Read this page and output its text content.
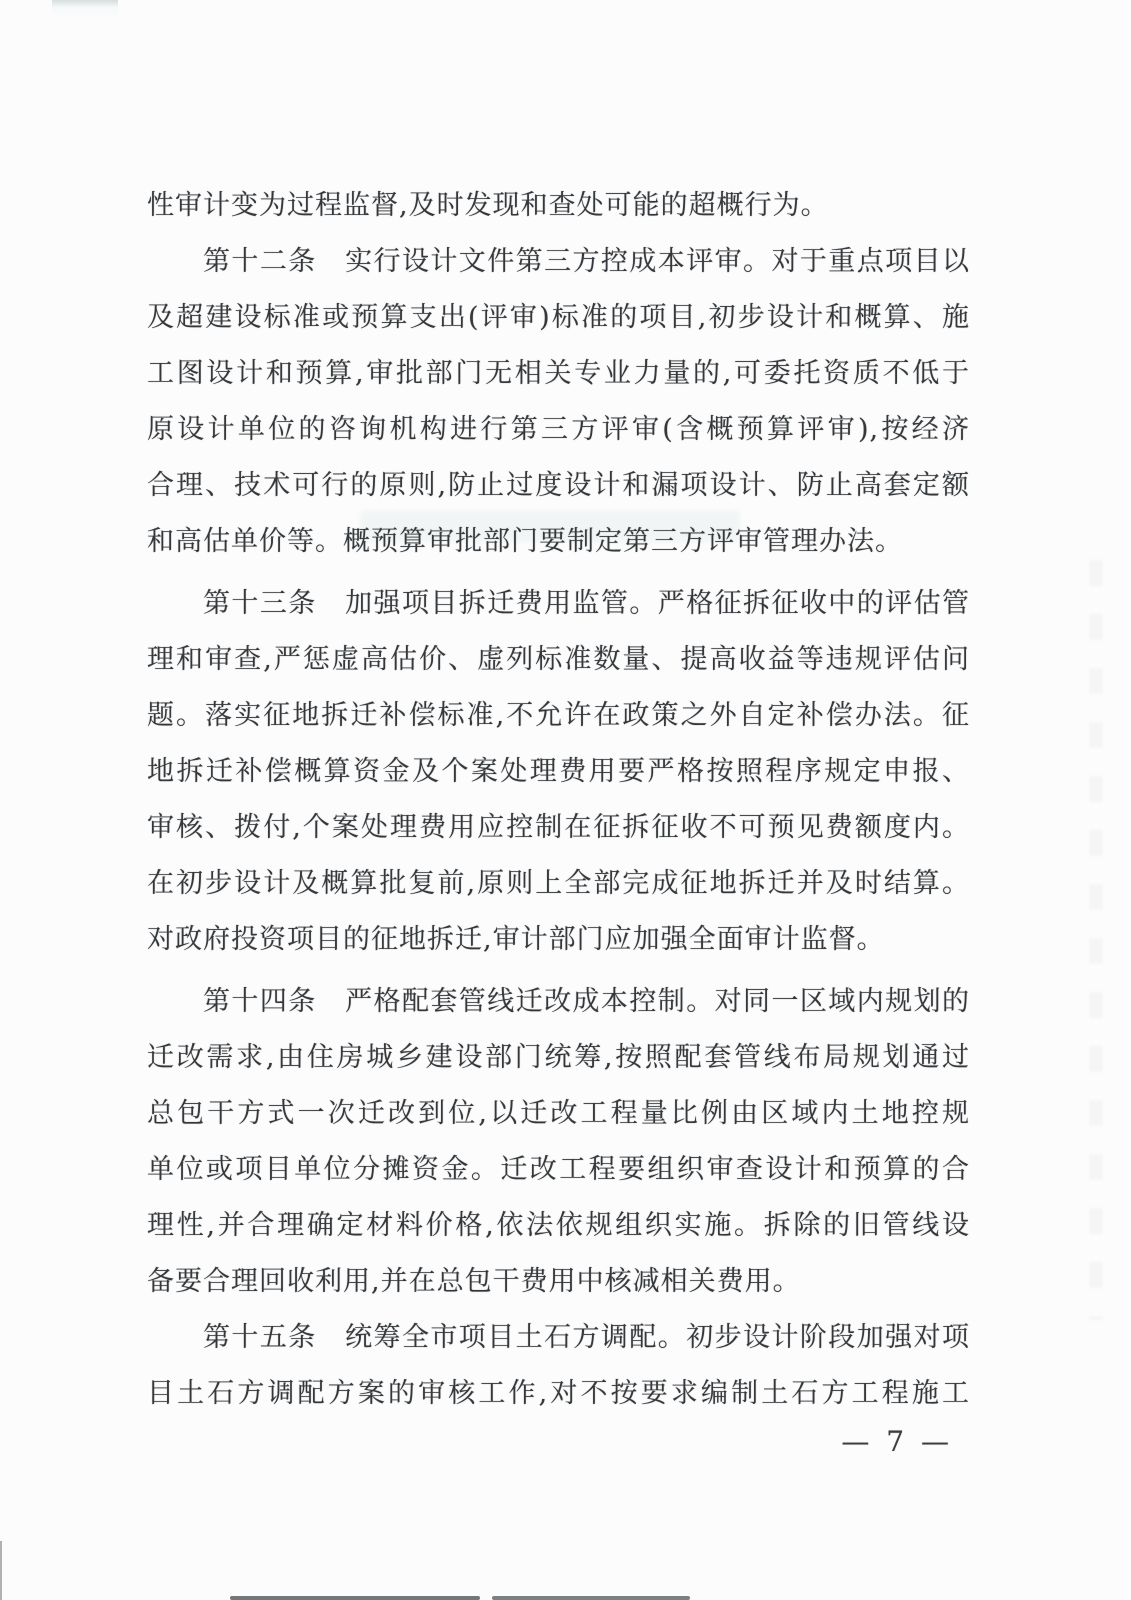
性审计变为过程监督,及时发现和查处可能的超概行为。

第十二条　实行设计文件第三方控成本评审。对于重点项目以
及超建设标准或预算支出(评审)标准的项目,初步设计和概算、施
工图设计和预算,审批部门无相关专业力量的,可委托资质不低于
原设计单位的咨询机构进行第三方评审(含概预算评审),按经济
合理、技术可行的原则,防止过度设计和漏项设计、防止高套定额
和高估单价等。概预算审批部门要制定第三方评审管理办法。

第十三条　加强项目拆迁费用监管。严格征拆征收中的评估管
理和审查,严惩虚高估价、虚列标准数量、提高收益等违规评估问
题。落实征地拆迁补偿标准,不允许在政策之外自定补偿办法。征
地拆迁补偿概算资金及个案处理费用要严格按照程序规定申报、
审核、拨付,个案处理费用应控制在征拆征收不可预见费额度内。
在初步设计及概算批复前,原则上全部完成征地拆迁并及时结算。
对政府投资项目的征地拆迁,审计部门应加强全面审计监督。

第十四条　严格配套管线迁改成本控制。对同一区域内规划的
迁改需求,由住房城乡建设部门统筹,按照配套管线布局规划通过
总包干方式一次迁改到位,以迁改工程量比例由区域内土地控规
单位或项目单位分摊资金。迁改工程要组织审查设计和预算的合
理性,并合理确定材料价格,依法依规组织实施。拆除的旧管线设
备要合理回收利用,并在总包干费用中核减相关费用。

第十五条　统筹全市项目土石方调配。初步设计阶段加强对项
目土石方调配方案的审核工作,对不按要求编制土石方工程施工

— 7 —
